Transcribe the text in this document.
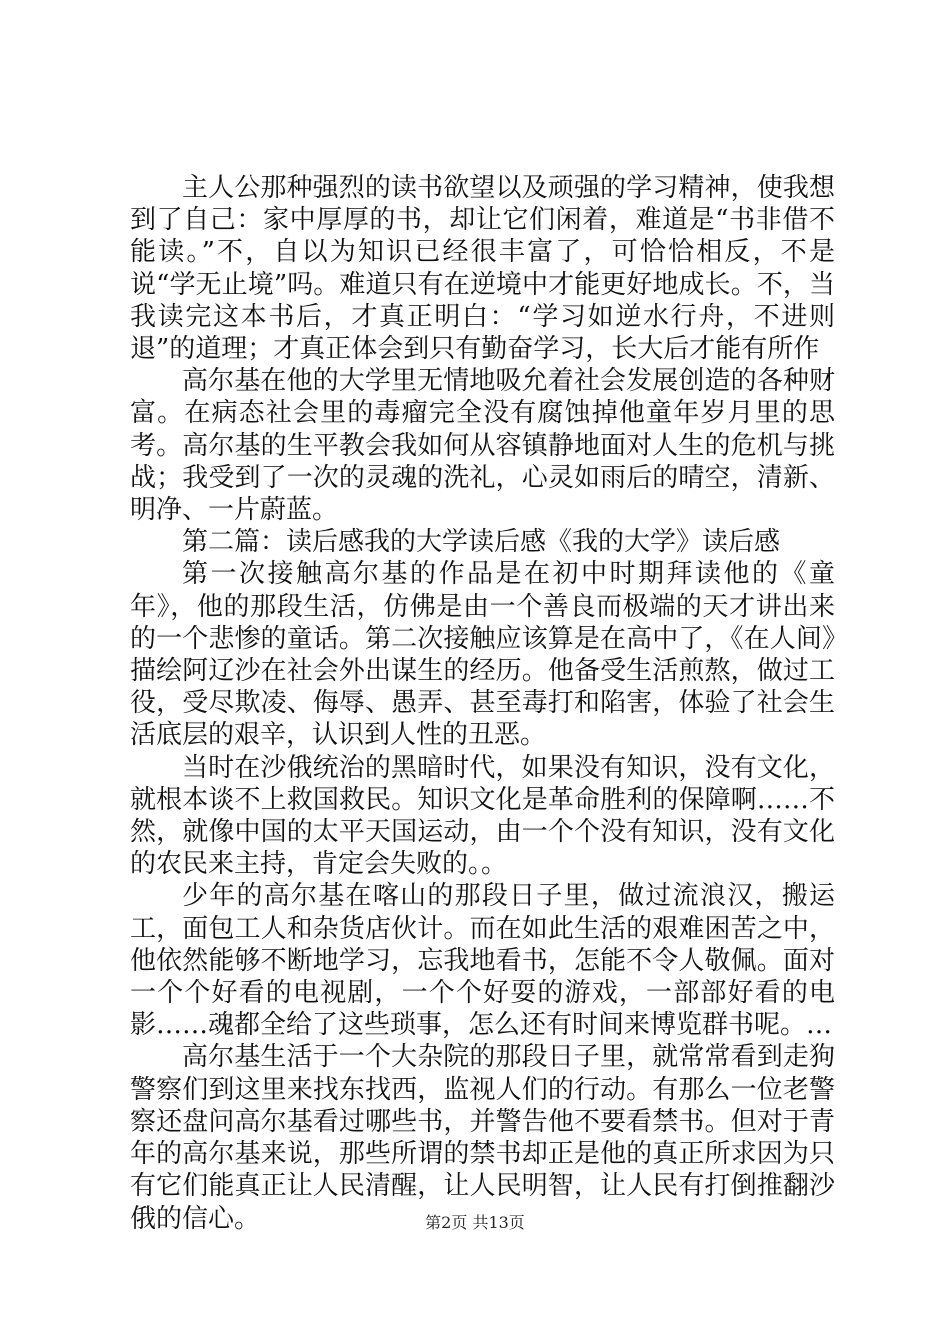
主人公那种强烈的读书欲望以及顽强的学习精神，使我想到了自己：家中厚厚的书，却让它们闲着，难道是“书非借不能读。”不，自以为知识已经很丰富了，可恰恰相反，不是说“学无止境”吗。难道只有在逆境中才能更好地成长。不，当我读完这本书后，才真正明白：“学习如逆水行舟，不进则退”的道理；才真正体会到只有勤奋学习，长大后才能有所作

高尔基在他的大学里无情地吸允着社会发展创造的各种财富。在病态社会里的毒瘤完全没有腐蚀掉他童年岁月里的思考。高尔基的生平教会我如何从容镇静地面对人生的危机与挑战；我受到了一次的灵魂的洗礼，心灵如雨后的晴空，清新、明净、一片蔚蓝。

第二篇：读后感我的大学读后感《我的大学》读后感

第一次接触高尔基的作品是在初中时期拜读他的《童年》，他的那段生活，仿佛是由一个善良而极端的天才讲出来的一个悲惨的童话。第二次接触应该算是在高中了，《在人间》描绘阿辽沙在社会外出谋生的经历。他备受生活煎熬，做过工役，受尽欺凌、侮辱、愚弄、甚至毒打和陷害，体验了社会生活底层的艰辛，认识到人性的丑恶。

当时在沙俄统治的黑暗时代，如果没有知识，没有文化，就根本谈不上救国救民。知识文化是革命胜利的保障啊……不然，就像中国的太平天国运动，由一个个没有知识，没有文化的农民来主持，肯定会失败的。。

少年的高尔基在喀山的那段日子里，做过流浪汉，搬运工，面包工人和杂货店伙计。而在如此生活的艰难困苦之中，他依然能够不断地学习，忘我地看书，怎能不令人敬佩。面对一个个好看的电视剧，一个个好耍的游戏，一部部好看的电影……魂都全给了这些琐事，怎么还有时间来博览群书呢。…

高尔基生活于一个大杂院的那段日子里，就常常看到走狗警察们到这里来找东找西，监视人们的行动。有那么一位老警察还盘问高尔基看过哪些书，并警告他不要看禁书。但对于青年的高尔基来说，那些所谓的禁书却正是他的真正所求因为只有它们能真正让人民清醒，让人民明智，让人民有打倒推翻沙俄的信心。	第2页 共13页
